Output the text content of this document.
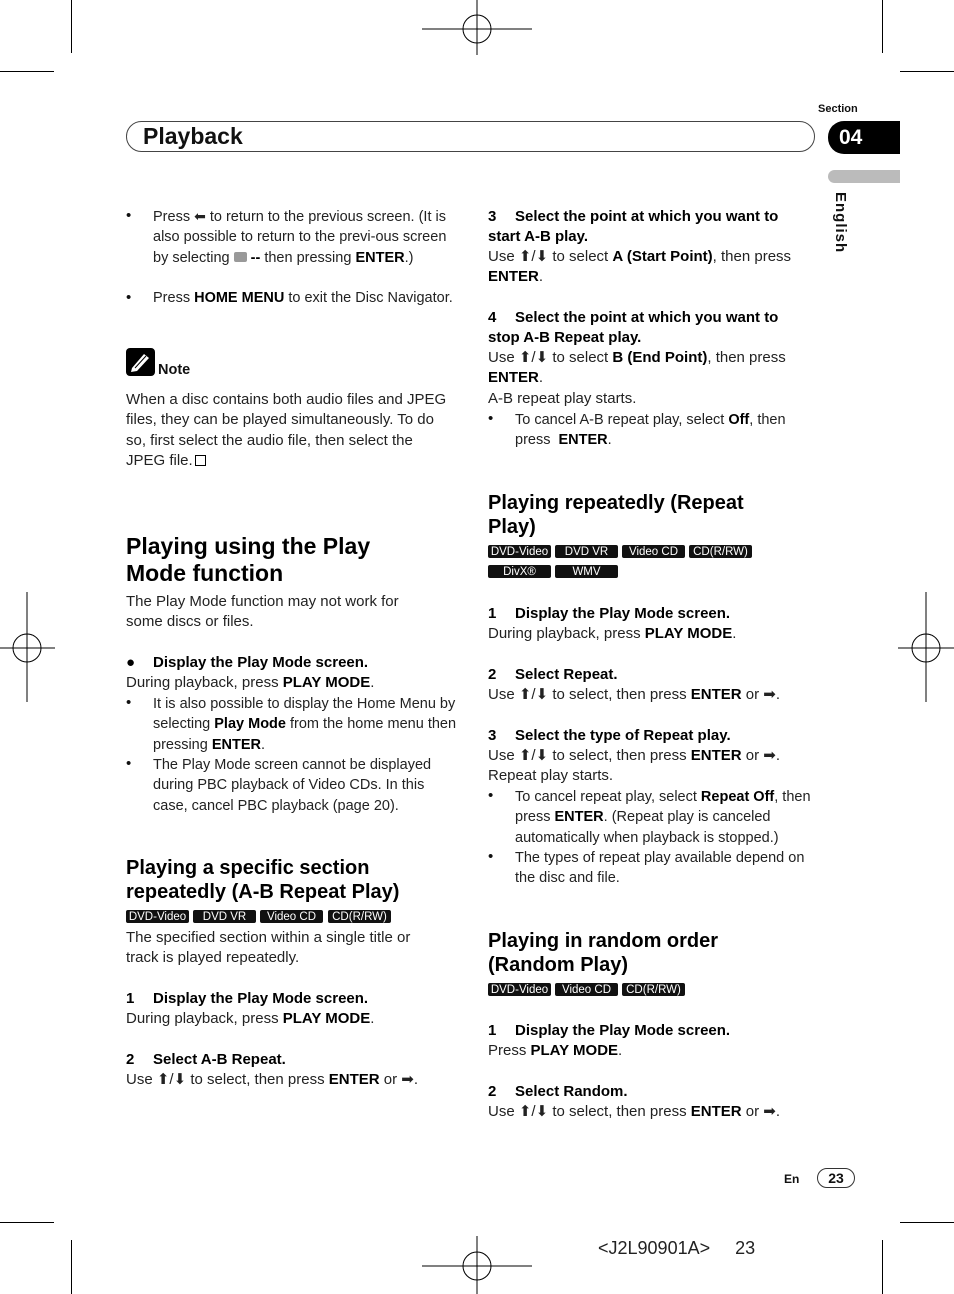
Section
Playback	04
English
• Press ⬅ to return to the previous screen. (It is also possible to return to the previ-ous screen by selecting  -- then pressing ENTER.)
• Press HOME MENU to exit the Disc Navigator.
Note
When a disc contains both audio files and JPEG files, they can be played simultaneously. To do so, first select the audio file, then select the JPEG file.
Playing using the Play Mode function
The Play Mode function may not work for some discs or files.
● Display the Play Mode screen.
During playback, press PLAY MODE.
• It is also possible to display the Home Menu by selecting Play Mode from the home menu then pressing ENTER.
• The Play Mode screen cannot be displayed during PBC playback of Video CDs. In this case, cancel PBC playback (page 20).
Playing a specific section repeatedly (A-B Repeat Play)
DVD-Video	DVD VR	Video CD	CD(R/RW)
The specified section within a single title or track is played repeatedly.
1 Display the Play Mode screen.
During playback, press PLAY MODE.
2 Select A-B Repeat.
Use ⬆/⬇ to select, then press ENTER or ➡.
3 Select the point at which you want to start A-B play.
Use ⬆/⬇ to select A (Start Point), then press ENTER.
4 Select the point at which you want to stop A-B Repeat play.
Use ⬆/⬇ to select B (End Point), then press ENTER.
A-B repeat play starts.
• To cancel A-B repeat play, select Off, then press  ENTER.
Playing repeatedly (Repeat Play)
DVD-Video	DVD VR	Video CD	CD(R/RW)
DivX®	WMV
1 Display the Play Mode screen.
During playback, press PLAY MODE.
2 Select Repeat.
Use ⬆/⬇ to select, then press ENTER or ➡.
3 Select the type of Repeat play.
Use ⬆/⬇ to select, then press ENTER or ➡.
Repeat play starts.
• To cancel repeat play, select Repeat Off, then press ENTER. (Repeat play is canceled automatically when playback is stopped.)
• The types of repeat play available depend on the disc and file.
Playing in random order (Random Play)
DVD-Video	Video CD	CD(R/RW)
1 Display the Play Mode screen.
Press PLAY MODE.
2 Select Random.
Use ⬆/⬇ to select, then press ENTER or ➡.
En	23
<J2L90901A> 23
